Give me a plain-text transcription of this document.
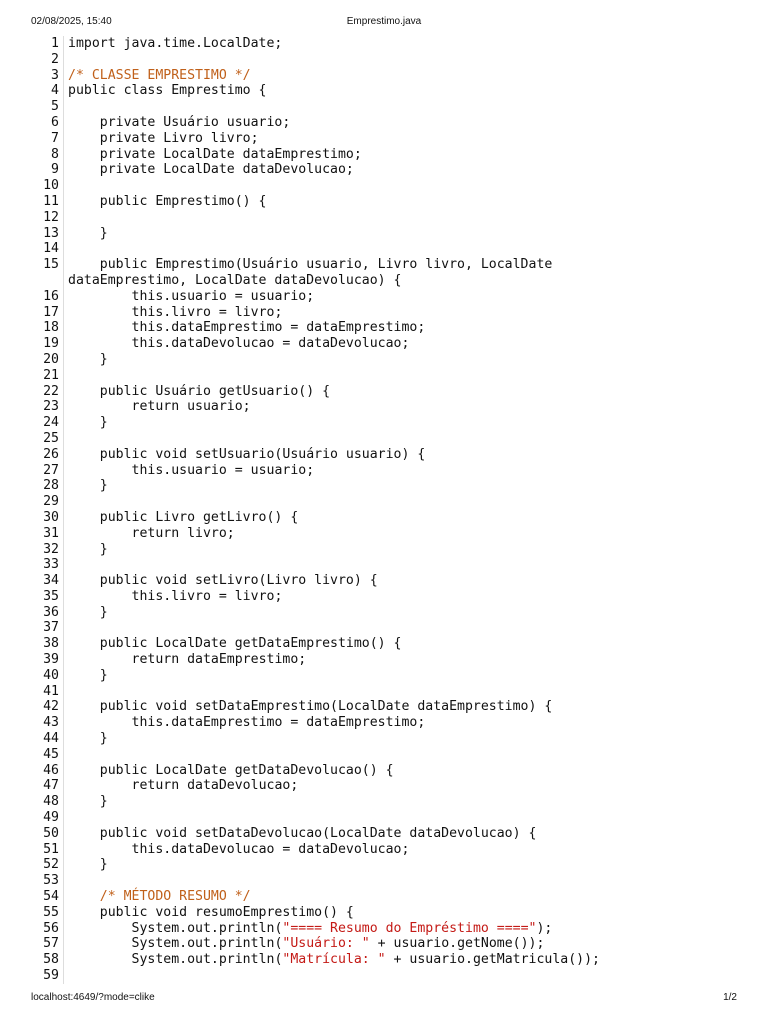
02/08/2025, 15:40	Emprestimo.java
1 import java.time.LocalDate;
2
3 /* CLASSE EMPRESTIMO */
4 public class Emprestimo {
5
6 private Usuário usuario;
7 private Livro livro;
8 private LocalDate dataEmprestimo;
9 private LocalDate dataDevolucao;
10
11 public Emprestimo() {
12
13 }
14
15 public Emprestimo(Usuário usuario, Livro livro, LocalDate
dataEmprestimo, LocalDate dataDevolucao) {
16 this.usuario = usuario;
17 this.livro = livro;
18 this.dataEmprestimo = dataEmprestimo;
19 this.dataDevolucao = dataDevolucao;
20 }
21
22 public Usuário getUsuario() {
23 return usuario;
24 }
25
26 public void setUsuario(Usuário usuario) {
27 this.usuario = usuario;
28 }
29
30 public Livro getLivro() {
31 return livro;
32 }
33
34 public void setLivro(Livro livro) {
35 this.livro = livro;
36 }
37
38 public LocalDate getDataEmprestimo() {
39 return dataEmprestimo;
40 }
41
42 public void setDataEmprestimo(LocalDate dataEmprestimo) {
43 this.dataEmprestimo = dataEmprestimo;
44 }
45
46 public LocalDate getDataDevolucao() {
47 return dataDevolucao;
48 }
49
50 public void setDataDevolucao(LocalDate dataDevolucao) {
51 this.dataDevolucao = dataDevolucao;
52 }
53
54	/* MÉTODO RESUMO */
55 public void resumoEmprestimo() {
56 System.out.println("==== Resumo do Empréstimo ====");
57 System.out.println("Usuário: " + usuario.getNome());
58 System.out.println("Matrícula: " + usuario.getMatricula());
59
localhost:4649/?mode=clike	1/2
